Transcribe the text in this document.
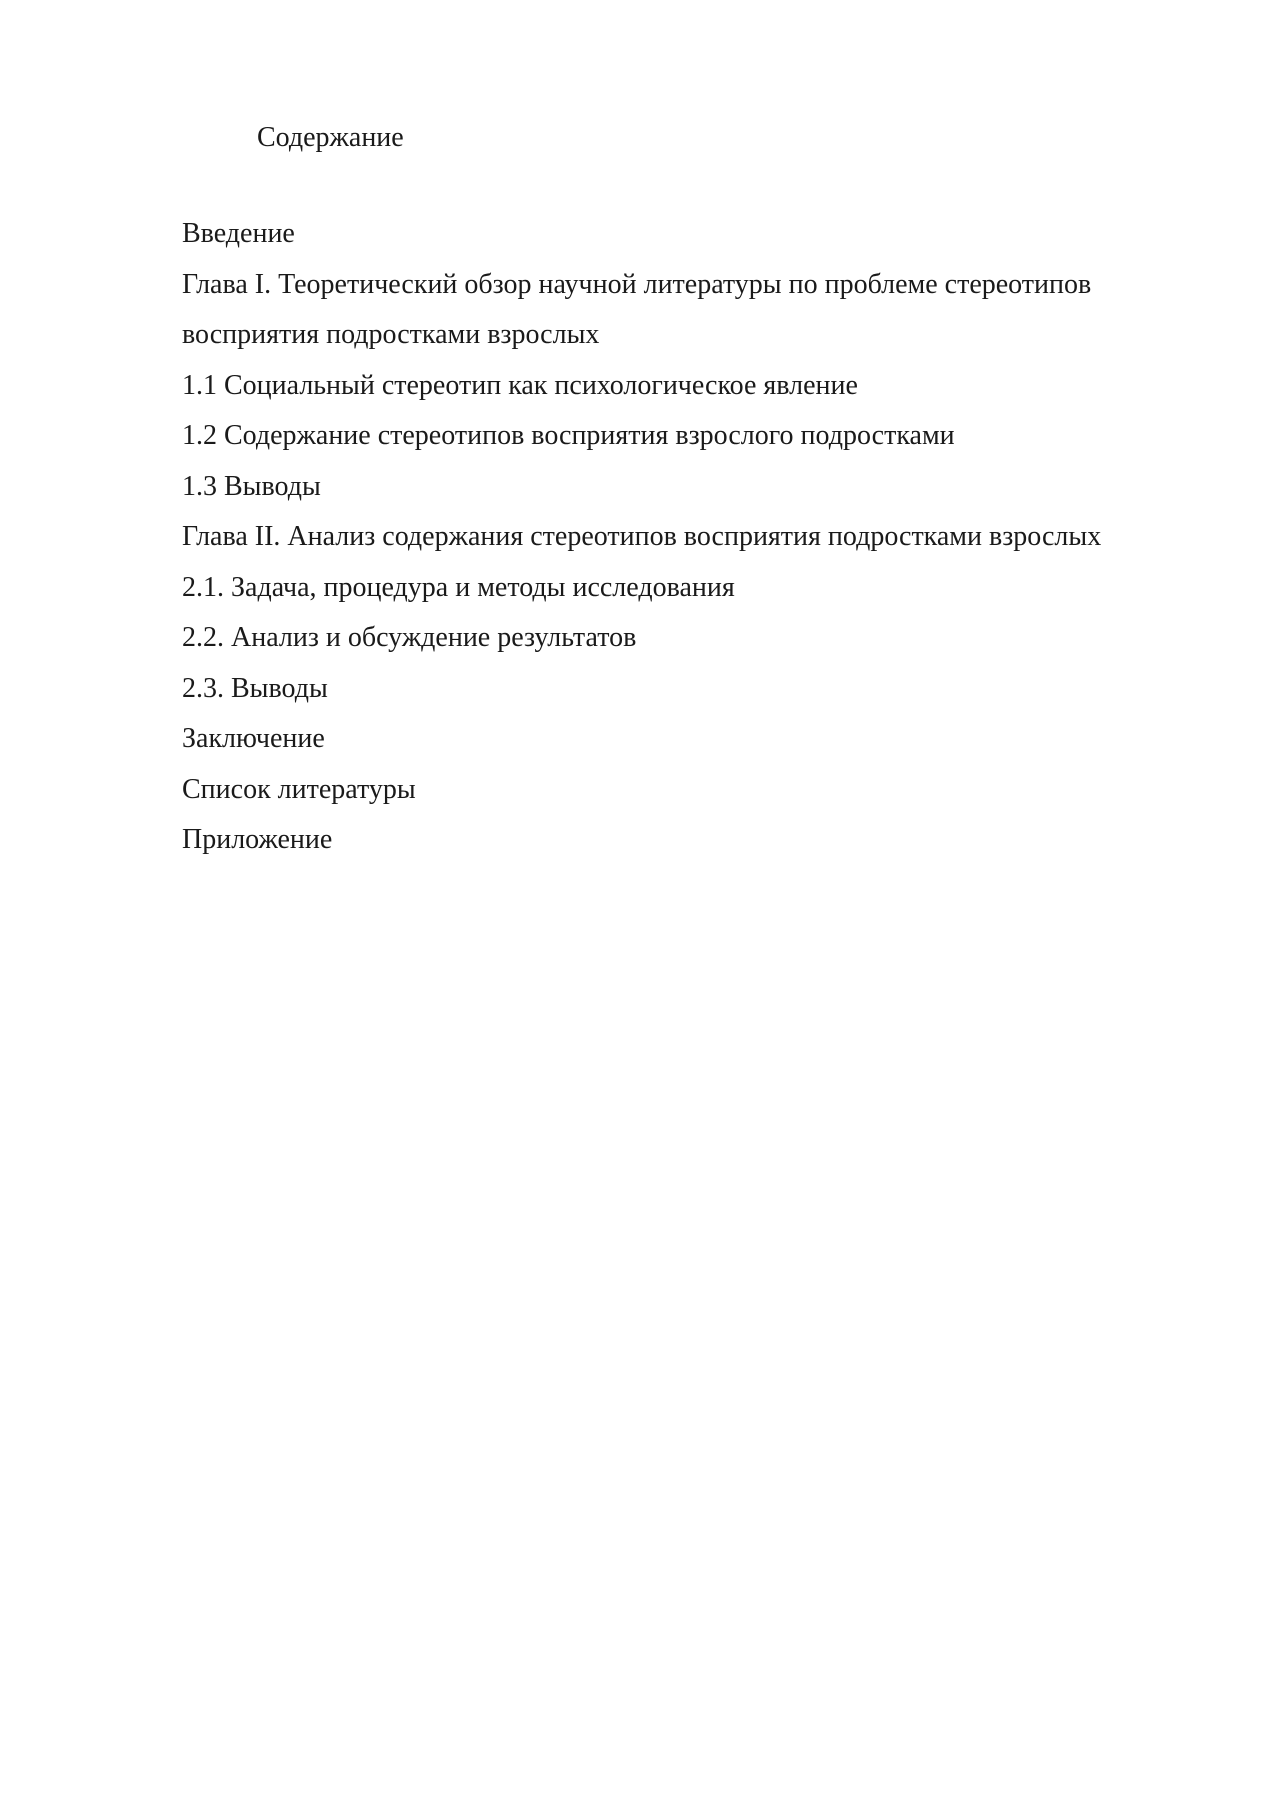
Содержание
Введение
Глава I. Теоретический обзор научной литературы по проблеме стереотипов
восприятия подростками взрослых
1.1 Социальный стереотип как психологическое явление
1.2 Содержание стереотипов восприятия взрослого подростками
1.3 Выводы
Глава II. Анализ содержания стереотипов восприятия подростками взрослых
2.1. Задача, процедура и методы исследования
2.2. Анализ и обсуждение результатов
2.3. Выводы
Заключение
Список литературы
Приложение
